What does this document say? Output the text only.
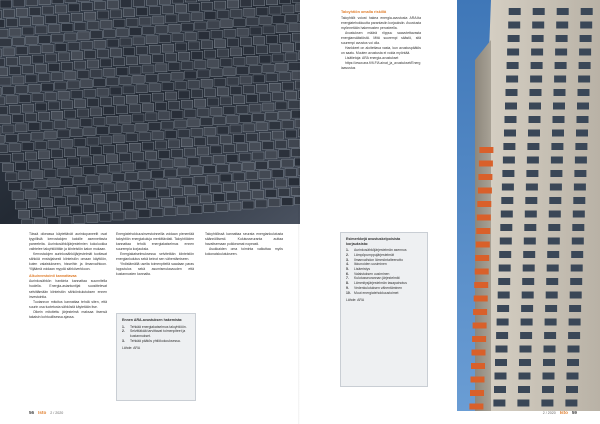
Tässä oikeassa käytettävät aurinkopaneelit ovat tyypillisiä kerrostalojen katoille asennettavia paneeleita. Aurinkosähköjärjestelmien kokoluokka vaihtelee taloyhtiöittäin ja kiinteistön katon mukaan.

Kerrostalojen aurinkosähköjärjestelmät tuottavat sähköä ensisijaisesti kiinteistön omaan käyttöön, kuten valaistukseen, hisseihin ja ilmanvaihtoon. Ylijäämä voidaan myydä sähköverkkoon.

Alkuinvestointi kannattavaa

Aurinkosähkön hankinta kannattaa suunnitella huolella. Energia-asiantuntijat suosittelevat selvittämään kiinteistön sähkönkulutuksen ennen investointia.

Tuotannon mitoitus kannattaa tehdä siten, että suurin osa tuotetusta sähköstä käytetään itse.

Oikein mitoitettu järjestelmä maksaa itsensä takaisin kohtuullisessa ajassa.

Energiatehokkuusinvestoinneilla voidaan pienentää taloyhtiön energiakuluja merkittävästi. Taloyhtiöiden kannattaa tehdä energiakatselmus ennen suurempia korjauksia.

Energiakatselmuksessa selvitetään kiinteistön energiankulutus sekä keinot sen vähentämiseen.

Yhdistämällä useita toimenpiteitä saadaan paras lopputulos sekä asumismukavuuden että kustannusten kannalta.

Taloyhtiöissä kannattaa seurata energiankulutusta säännöllisesti. Kulutusseuranta auttaa havaitsemaan poikkeamat nopeasti.

Asukkaiden oma toiminta vaikuttaa myös kokonaiskulutukseen.

Ennen ARA-avustuksen hakemista:
1.	Tehkää energiakatselmus taloyhtiöön.
2.	Selvittäkää tarvittavat toimenpiteet ja kustannukset.
3.	Tehkää päätös yhtiökokouksessa.
Lähde: ARA
56 Isto 2 / 2020
Taloyhtiön omalla riskillä

Taloyhtiöt voivat hakea energia-avustusta ARA:lta energiatehokkuutta parantaviin korjauksiin. Avustusta myönnetään hakemusten perusteella.

Avustuksen määrä riippuu saavutettavasta energiansäästöstä. Mitä suurempi säästö, sitä suurempi avustus voi olla.

Hankkeet on aloitettava vasta, kun avustuspäätös on saatu. Muuten avustusta ei voida myöntää.

Lisätietoja: ARA energia-avustukset

https://www.ara.fi/fi-FI/Lainat_ja_avustukset/Energiaavustus

Esimerkkejä avustuskelpoisista korjauksista:
1.	Aurinkosähköjärjestelmän asennus
2.	Lämpöpumppujärjestelmät
3.	Ilmanvaihdon lämmöntalteenotto
4.	Ikkunoiden uusiminen
5.	Lisäeristys
6.	Valaistuksen uusiminen
7.	Kulutusseurannan järjestelmät
8.	Lämmitysjärjestelmän tasapainotus
9.	Vedenkulutuksen vähentäminen
10. Muut energiatehokkuustoimet
Lähde: ARA
2 / 2020 Isto 59
